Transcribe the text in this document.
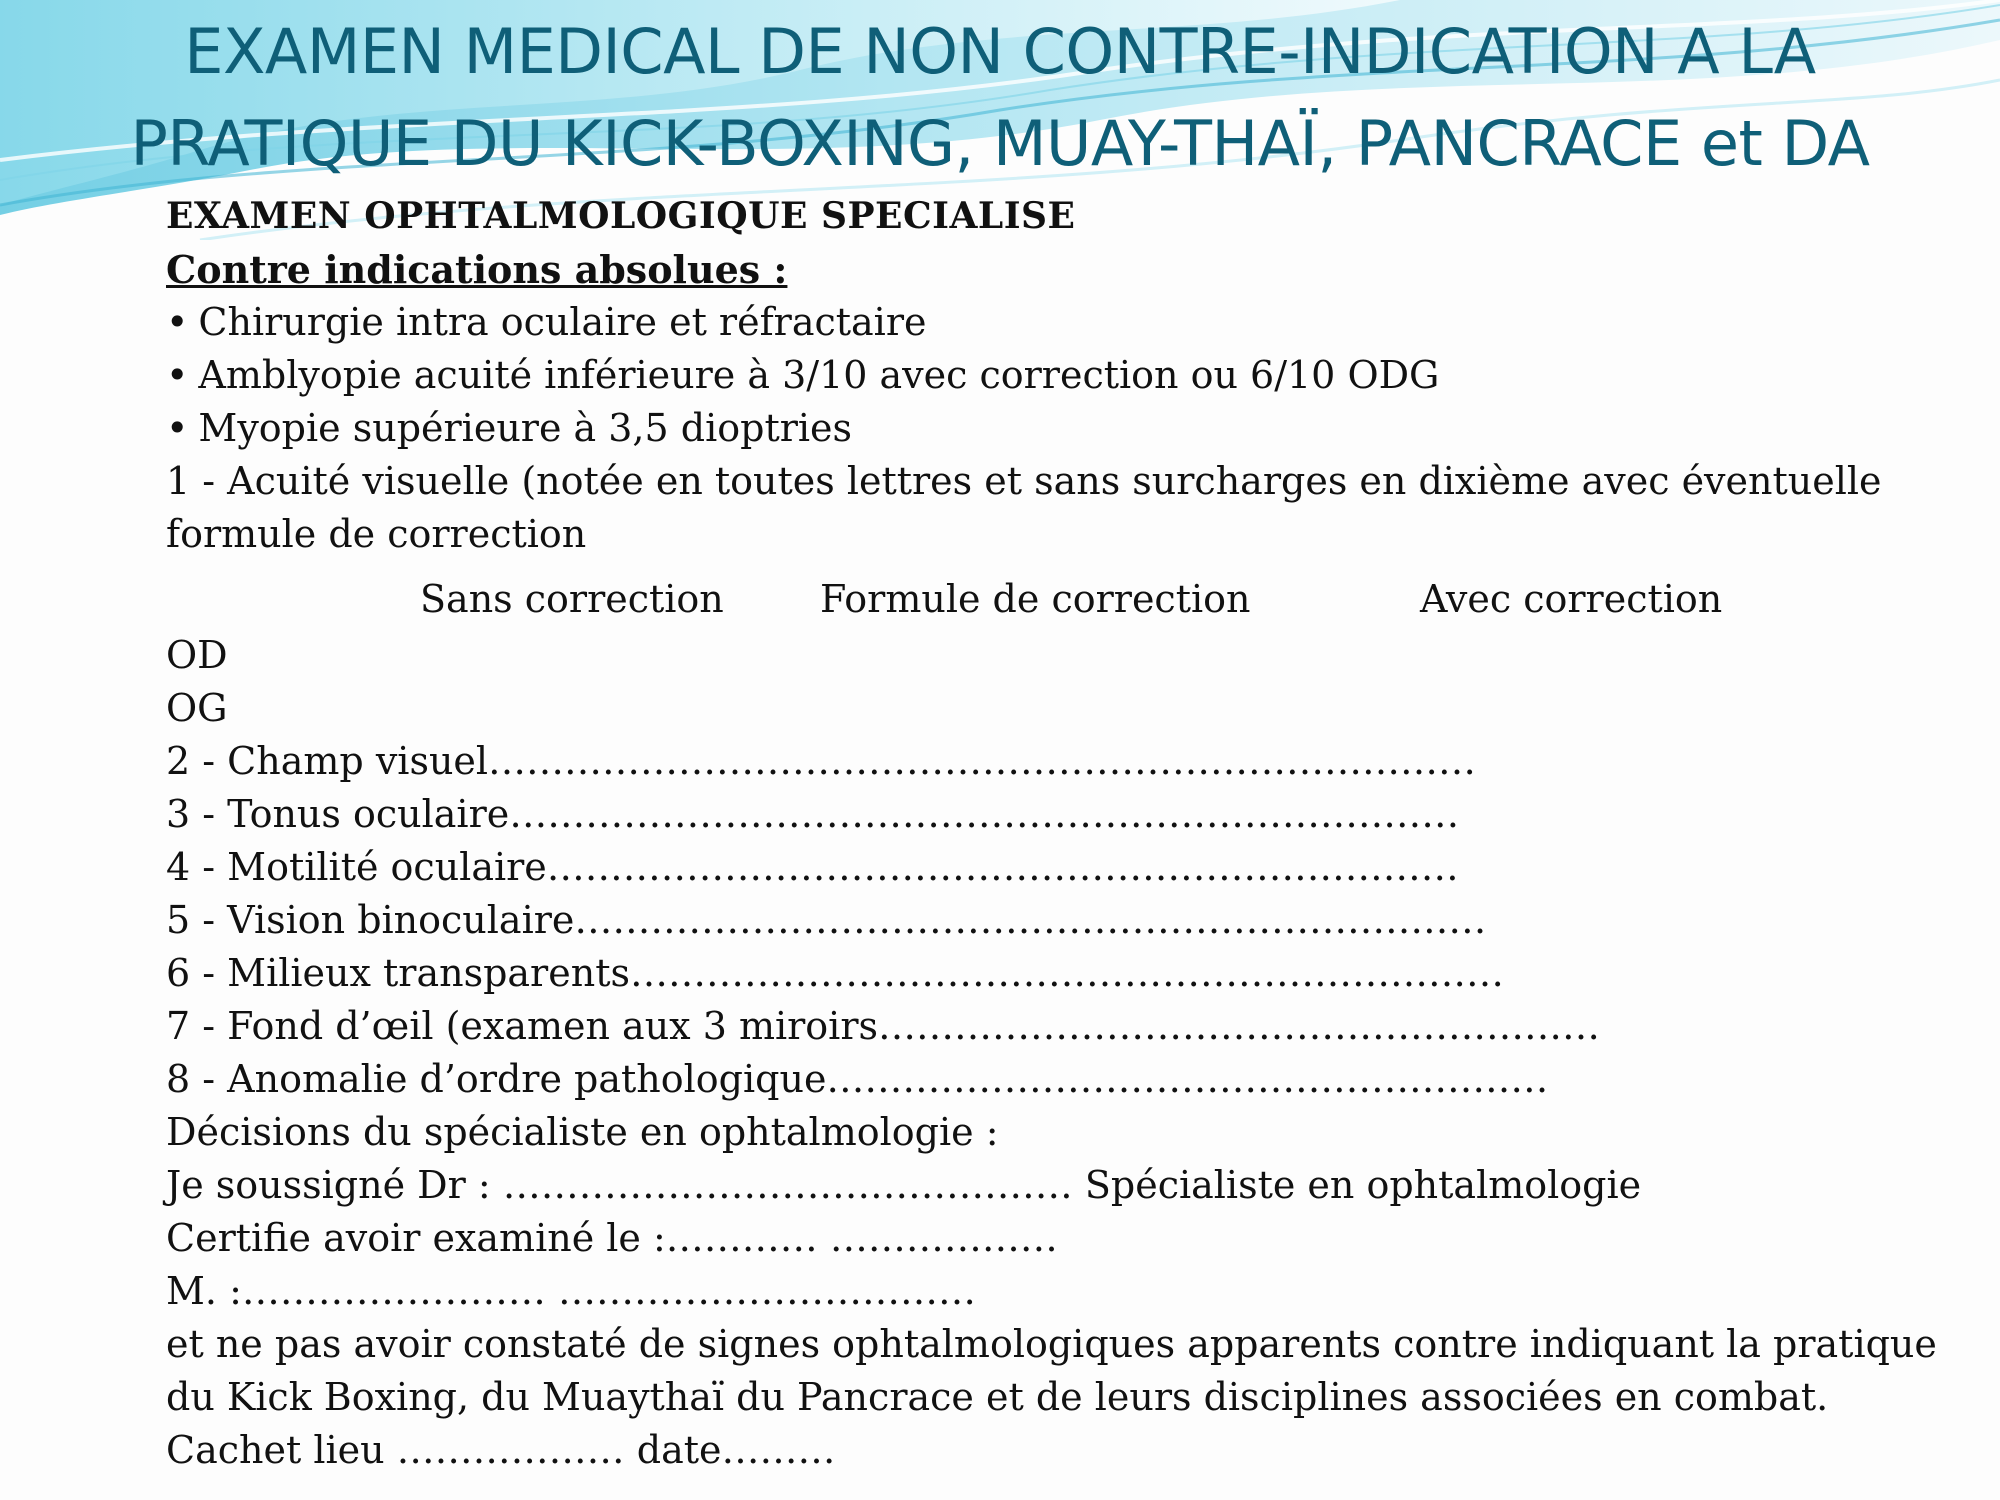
EXAMEN MEDICAL DE NON CONTRE-INDICATION A LA
PRATIQUE DU KICK-BOXING, MUAY-THAÏ, PANCRACE et DA
EXAMEN OPHTALMOLOGIQUE SPECIALISE
Contre indications absolues :
• Chirurgie intra oculaire et réfractaire
• Amblyopie acuité inférieure à 3/10 avec correction ou 6/10 ODG
• Myopie supérieure à 3,5 dioptries
1 - Acuité visuelle (notée en toutes lettres et sans surcharges en dixième avec éventuelle formule de correction
Sans correction	Formule de correction	Avec correction
OD
OG
2 - Champ visuel……………………………………………………………………
3 - Tonus oculaire…………………………………………………………………
4 - Motilité oculaire………………………………………………………………
5 - Vision binoculaire………………………………………………………………
6 - Milieux transparents……………………………………………………………
7 - Fond d’œil (examen aux 3 miroirs…………………………………………………
8 - Anomalie d’ordre pathologique…………………………………………………
Décisions du spécialiste en ophtalmologie :
Je soussigné Dr : ……………………………………… Spécialiste en ophtalmologie
Certifie avoir examiné le :………… ………………
M. :…………………… ……………………………
et ne pas avoir constaté de signes ophtalmologiques apparents contre indiquant la pratique du Kick Boxing, du Muaythaï du Pancrace et de leurs disciplines associées en combat.
Cachet lieu ……………… date………
